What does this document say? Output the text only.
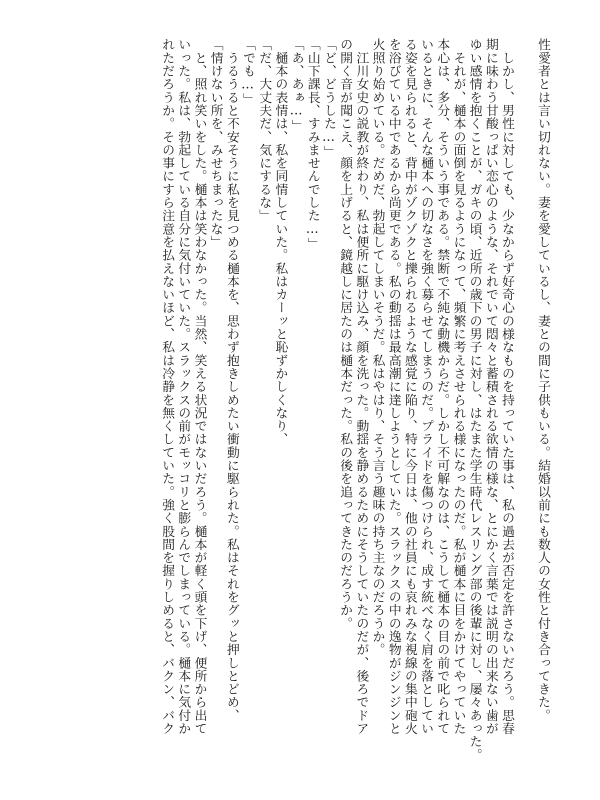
性愛者とは言い切れない。妻を愛しているし、妻との間に子供もいる。結婚以前にも数人の女性と付き合ってきた。
　しかし、男性に対しても、少なからず好奇心の様なものを持っていた事は、私の過去が否定を許さないだろう。思春
期に味わう甘酸っぱい恋心のような、それでいて悶々と蓄積される欲情の様な、とにかく言葉では説明の出来ない歯が
ゆい感情を抱くことが、ガキの頃、近所の歳下の男子に対し、はたまた学生時代レスリング部の後輩に対し、屡々あった。
　それが、樋本の面倒を見るようになって、頻繁に考えさせられる様になったのだ。私が樋本に目をかけてやっていた
本心は、多分、そういう事である。禁断で不純な動機からだ。しかし不可解なのは、こうして樋本の目の前で叱られて
いるときに、そんな樋本への切なさを強く募らせてしまうのだ。プライドを傷つけられ、成す統べなく肩を落としてい
る姿を見られると、背中がゾクゾクと擽られるような感覚に陥り、特に今日は、他の社員にも哀れみな視線の集中砲火
を浴びている中であるから尚更である。私の動揺は最高潮に達しようとしていた。スラックスの中の逸物がジンジンと
火照り始めている。だめだ、勃起してしまいそうだ。私はやはり、そう言う趣味の持ち主なのだろうか。
　江川女史の説教が終わり、私は便所に駆け込み、顔を洗った。動揺を静めるためにそうしていたのだが、後ろでドア
の開く音が聞こえ、顔を上げると、鏡越しに居たのは樋本だった。私の後を追ってきたのだろうか。
「ど、どうした…」
「山下課長、すみませんでした…」
「あ、あぁ…」
　樋本の表情は、私を同情していた。私はカーッと恥ずかしくなり、
「だ、大丈夫だ、気にするな」
「でも…」
　うるうると不安そうに私を見つめる樋本を、思わず抱きしめたい衝動に駆られた。私はそれをグッと押しとどめ、
「情けない所を、みせちまったな」
　と、照れ笑いをした。樋本は笑わなかった。当然、笑える状況ではないだろう。樋本が軽く頭を下げ、便所から出て
いった。私は、勃起している自分に気付いていた。スラックスの前がモッコリと膨らんでしまっている。樋本に気付か
れただろうか。その事にすら注意を払えないほど、私は冷静を無くしていた。強く股間を握りしめると、バクン、バク
